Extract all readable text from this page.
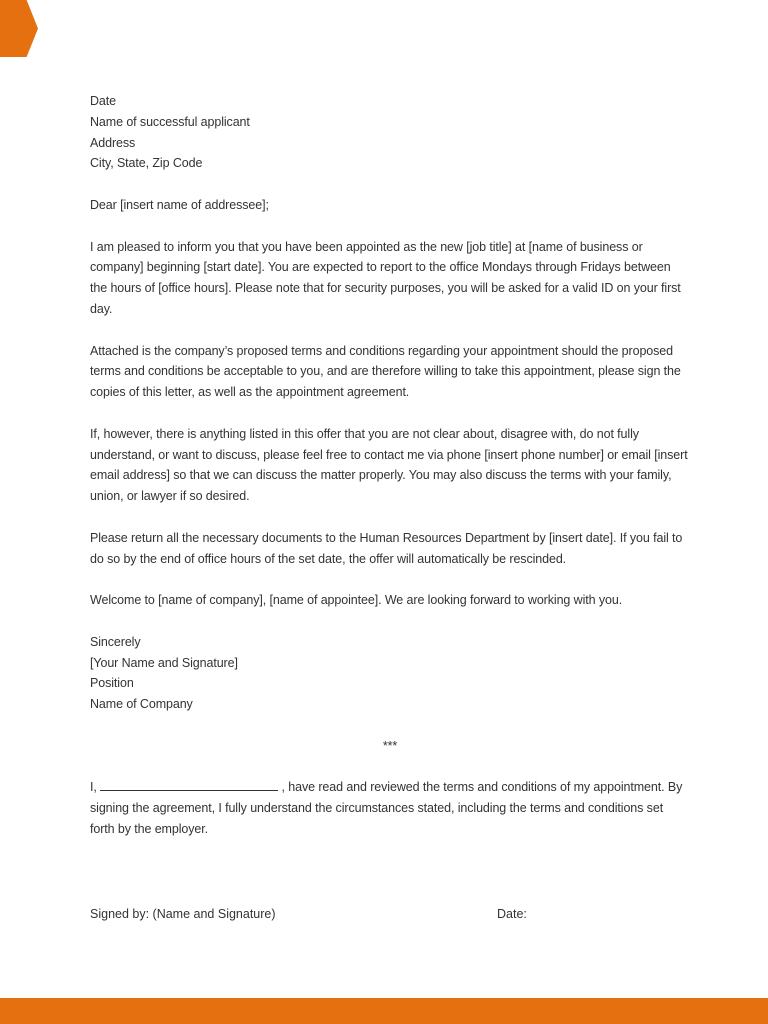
Date

Name of successful applicant

Address

City, State, Zip Code

Dear [insert name of addressee];

I am pleased to inform you that you have been appointed as the new [job title] at [name of business or company] beginning [start date]. You are expected to report to the office Mondays through Fridays between the hours of [office hours]. Please note that for security purposes, you will be asked for a valid ID on your first day.

Attached is the company’s proposed terms and conditions regarding your appointment should the proposed terms and conditions be acceptable to you, and are therefore willing to take this appointment, please sign the copies of this letter, as well as the appointment agreement.

If, however, there is anything listed in this offer that you are not clear about, disagree with, do not fully understand, or want to discuss, please feel free to contact me via phone [insert phone number] or email [insert email address] so that we can discuss the matter properly. You may also discuss the terms with your family, union, or lawyer if so desired.

Please return all the necessary documents to the Human Resources Department by [insert date]. If you fail to do so by the end of office hours of the set date, the offer will automatically be rescinded.

Welcome to [name of company], [name of appointee]. We are looking forward to working with you.

Sincerely

[Your Name and Signature]

Position

Name of Company

***

I,	, have read and reviewed the terms and conditions of my appointment. By signing the agreement, I fully understand the circumstances stated, including the terms and conditions set forth by the employer.

Signed by: (Name and Signature)	Date:
